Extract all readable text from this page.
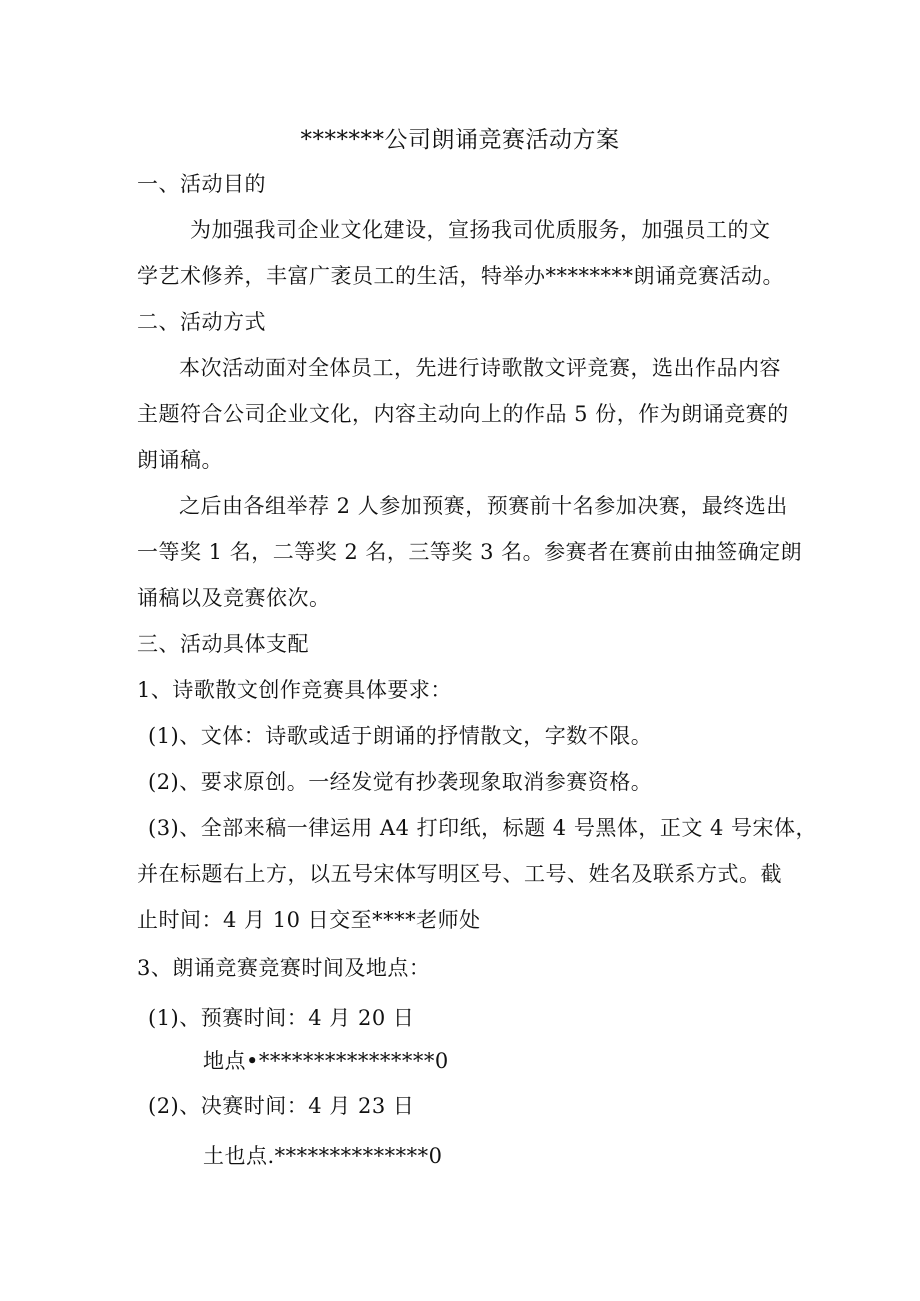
*******公司朗诵竞赛活动方案
一、活动目的
为加强我司企业文化建设，宣扬我司优质服务，加强员工的文
学艺术修养，丰富广袤员工的生活，特举办********朗诵竞赛活动。
二、活动方式
本次活动面对全体员工，先进行诗歌散文评竞赛，选出作品内容
主题符合公司企业文化，内容主动向上的作品 5 份，作为朗诵竞赛的
朗诵稿。
之后由各组举荐 2 人参加预赛，预赛前十名参加决赛，最终选出
一等奖 1 名，二等奖 2 名，三等奖 3 名。参赛者在赛前由抽签确定朗
诵稿以及竞赛依次。
三、活动具体支配
1、诗歌散文创作竞赛具体要求：
(1)、文体：诗歌或适于朗诵的抒情散文，字数不限。
(2)、要求原创。一经发觉有抄袭现象取消参赛资格。
(3)、全部来稿一律运用 A4 打印纸，标题 4 号黑体，正文 4 号宋体，
并在标题右上方，以五号宋体写明区号、工号、姓名及联系方式。截
止时间：4 月 10 日交至****老师处
3、朗诵竞赛竞赛时间及地点：
(1)、预赛时间：4 月 20 日
地点•****************0
(2)、决赛时间：4 月 23 日
土也点.**************0
